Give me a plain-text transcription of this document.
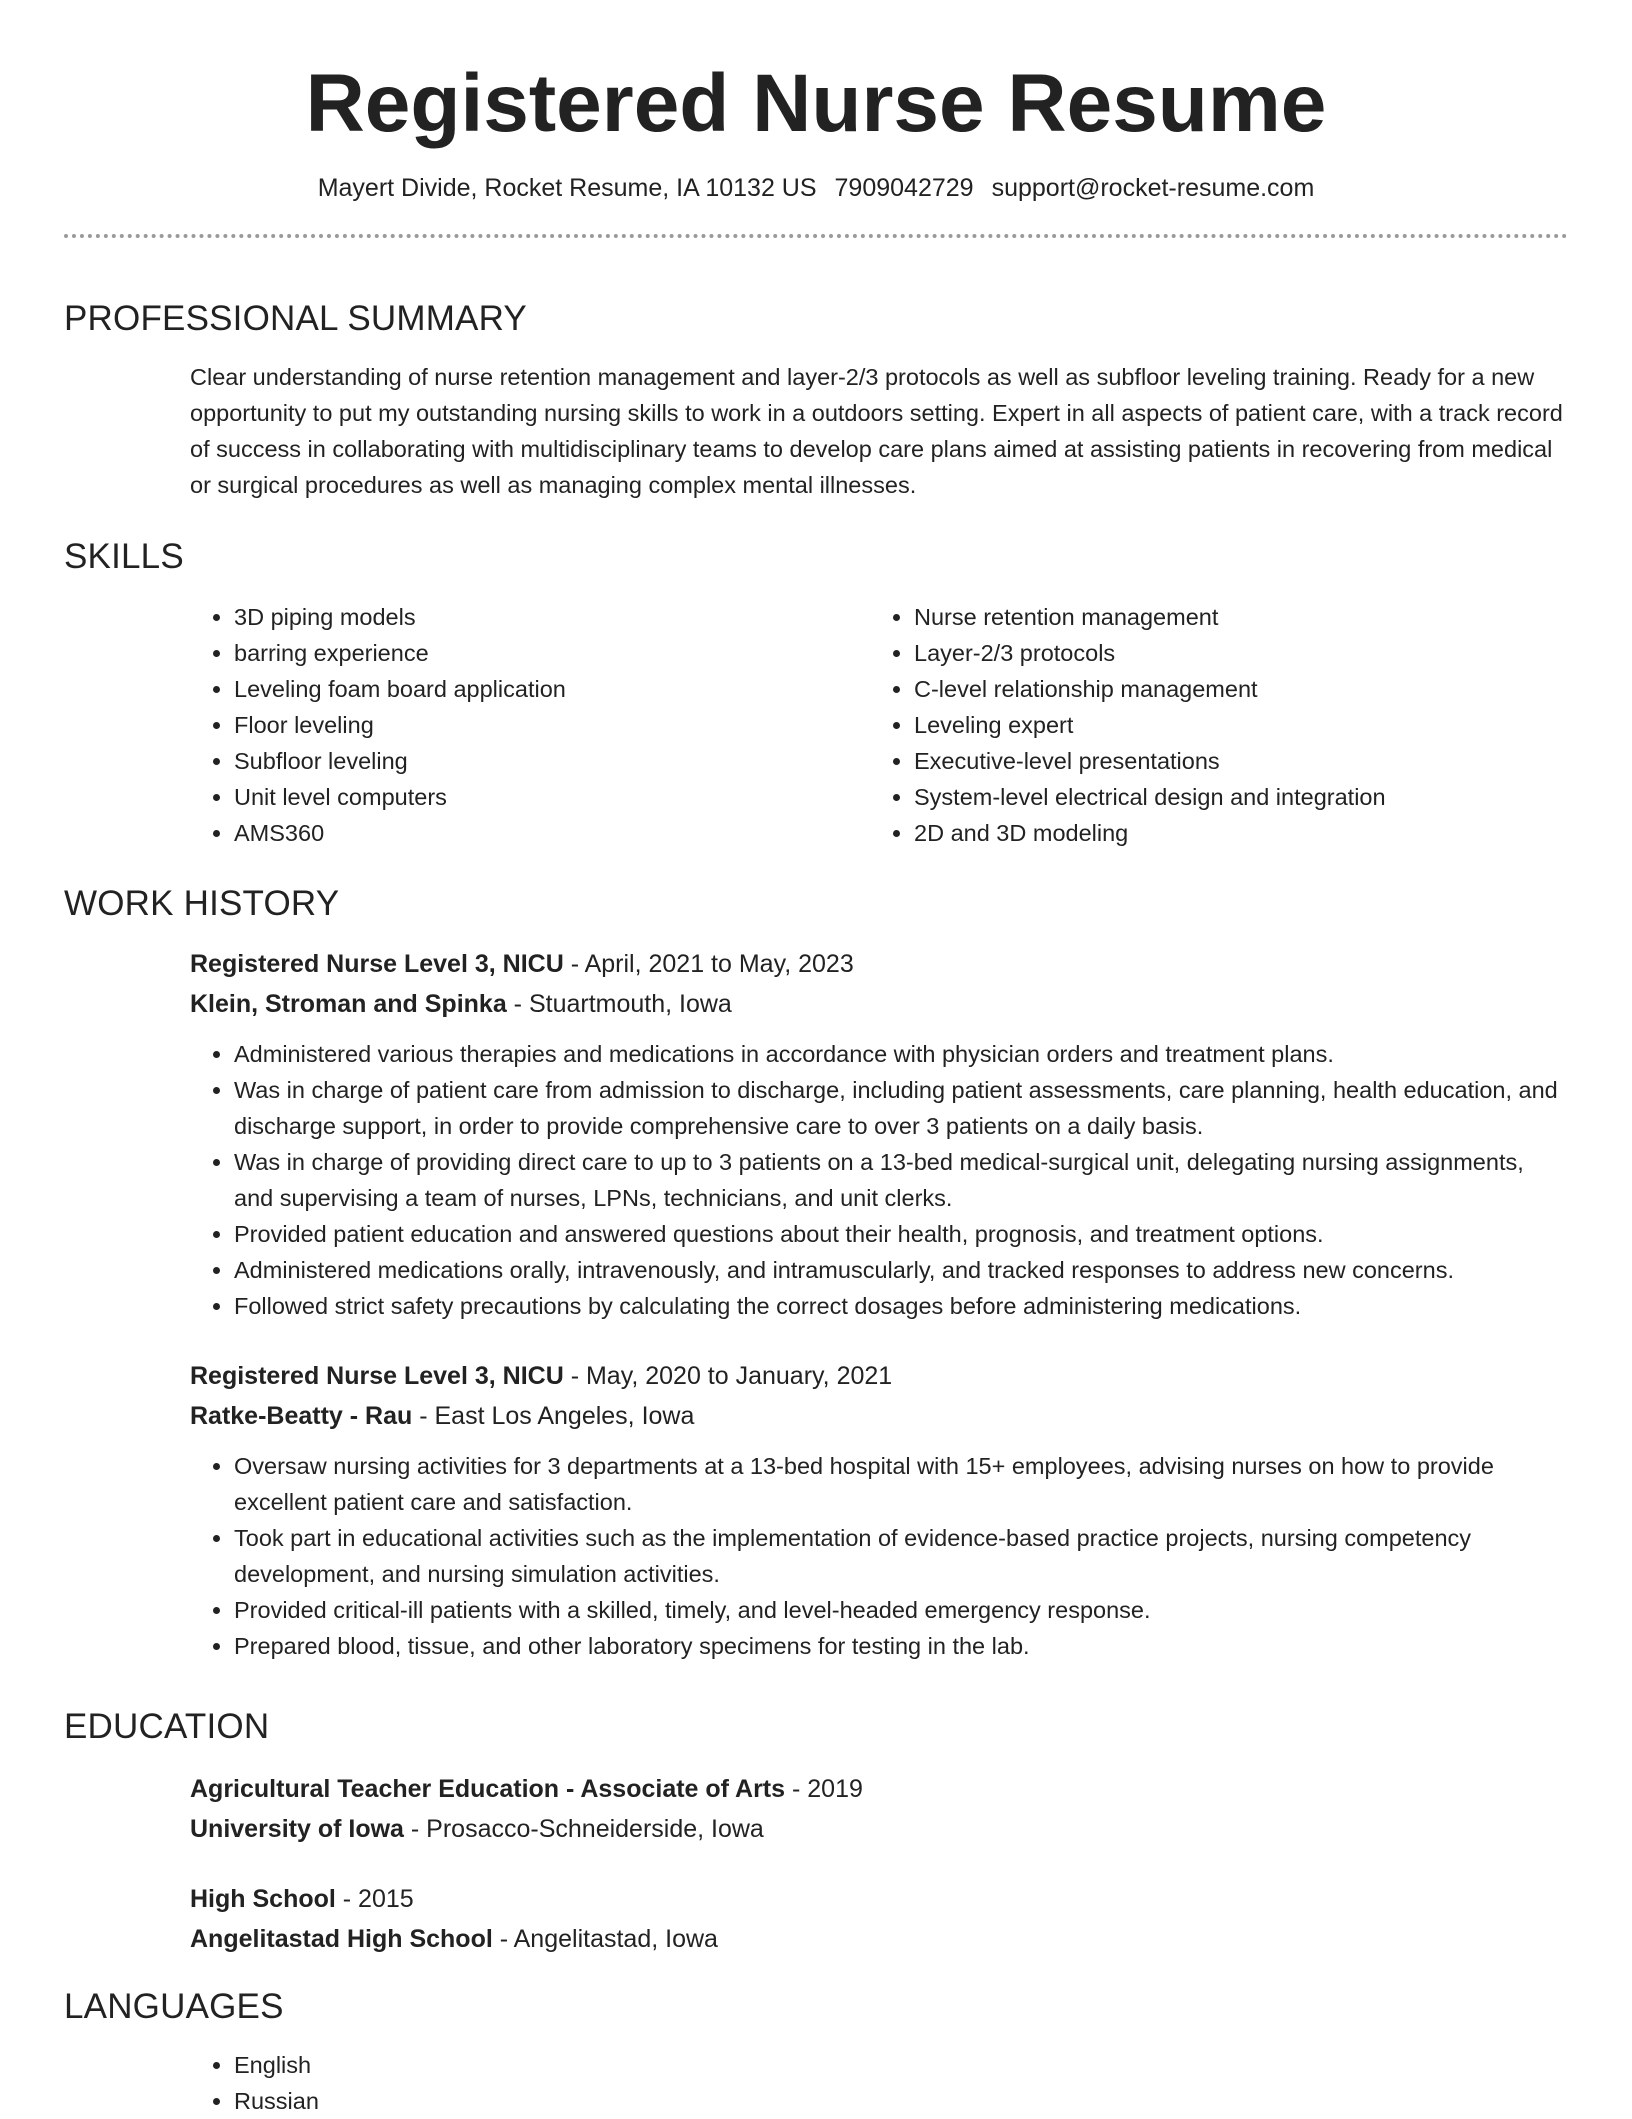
Registered Nurse Resume
Mayert Divide, Rocket Resume, IA 10132 US 7909042729 support@rocket-resume.com
PROFESSIONAL SUMMARY

Clear understanding of nurse retention management and layer-2/3 protocols as well as subfloor leveling training. Ready for a new opportunity to put my outstanding nursing skills to work in a outdoors setting. Expert in all aspects of patient care, with a track record of success in collaborating with multidisciplinary teams to develop care plans aimed at assisting patients in recovering from medical or surgical procedures as well as managing complex mental illnesses.

SKILLS
• 3D piping models
• barring experience
• Leveling foam board application
• Floor leveling
• Subfloor leveling
• Unit level computers
• AMS360
• Nurse retention management
• Layer-2/3 protocols
• C-level relationship management
• Leveling expert
• Executive-level presentations
• System-level electrical design and integration
• 2D and 3D modeling
WORK HISTORY
Registered Nurse Level 3, NICU - April, 2021 to May, 2023
Klein, Stroman and Spinka - Stuartmouth, Iowa
• Administered various therapies and medications in accordance with physician orders and treatment plans.
• Was in charge of patient care from admission to discharge, including patient assessments, care planning, health education, and discharge support, in order to provide comprehensive care to over 3 patients on a daily basis.
• Was in charge of providing direct care to up to 3 patients on a 13-bed medical-surgical unit, delegating nursing assignments, and supervising a team of nurses, LPNs, technicians, and unit clerks.
• Provided patient education and answered questions about their health, prognosis, and treatment options.
• Administered medications orally, intravenously, and intramuscularly, and tracked responses to address new concerns.
• Followed strict safety precautions by calculating the correct dosages before administering medications.
Registered Nurse Level 3, NICU - May, 2020 to January, 2021
Ratke-Beatty - Rau - East Los Angeles, Iowa
• Oversaw nursing activities for 3 departments at a 13-bed hospital with 15+ employees, advising nurses on how to provide excellent patient care and satisfaction.
• Took part in educational activities such as the implementation of evidence-based practice projects, nursing competency development, and nursing simulation activities.
• Provided critical-ill patients with a skilled, timely, and level-headed emergency response.
• Prepared blood, tissue, and other laboratory specimens for testing in the lab.
EDUCATION
Agricultural Teacher Education - Associate of Arts - 2019
University of Iowa - Prosacco-Schneiderside, Iowa
High School - 2015
Angelitastad High School - Angelitastad, Iowa
LANGUAGES
• English
• Russian
